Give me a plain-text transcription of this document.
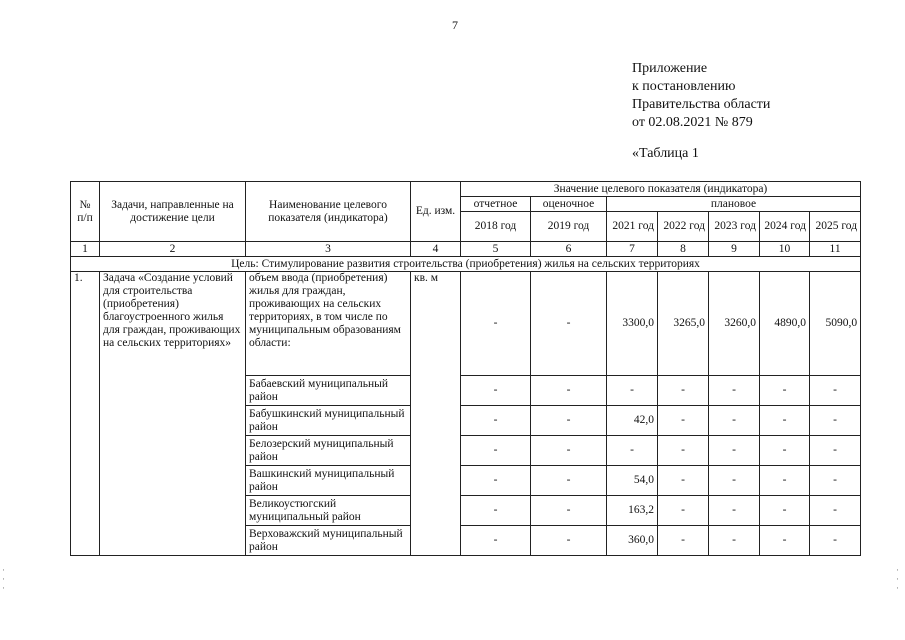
7
Приложение
к постановлению
Правительства области
от 02.08.2021 № 879
«Таблица 1
№ п/п	Задачи, направленные на достижение цели	Наименование целевого показателя (индикатора)	Ед. изм.	Значение целевого показателя (индикатора)						
				отчетное	оценочное	плановое				
				2018 год	2019 год	2021 год	2022 год	2023 год	2024 год	2025 год
1	2	3	4	5	6	7	8	9	10	11
Цель: Стимулирование развития строительства (приобретения) жилья на сельских территориях										
1.	Задача «Создание условий для строительства (приобретения) благоустроенного жилья для граждан, проживающих на сельских территориях»	объем ввода (приобретения) жилья для граждан, проживающих на сельских территориях, в том числе по муниципальным образованиям области:	кв. м	-	-	3300,0	3265,0	3260,0	4890,0	5090,0
		Бабаевский муниципальный район		-	-	-	-	-	-	-
		Бабушкинский муниципальный район		-	-	42,0	-	-	-	-
		Белозерский муниципальный район		-	-	-	-	-	-	-
		Вашкинский муниципальный район		-	-	54,0	-	-	-	-
		Великоустюгский муниципальный район		-	-	163,2	-	-	-	-
		Верховажский муниципальный район		-	-	360,0	-	-	-	-
·
·
·
·
·
·
